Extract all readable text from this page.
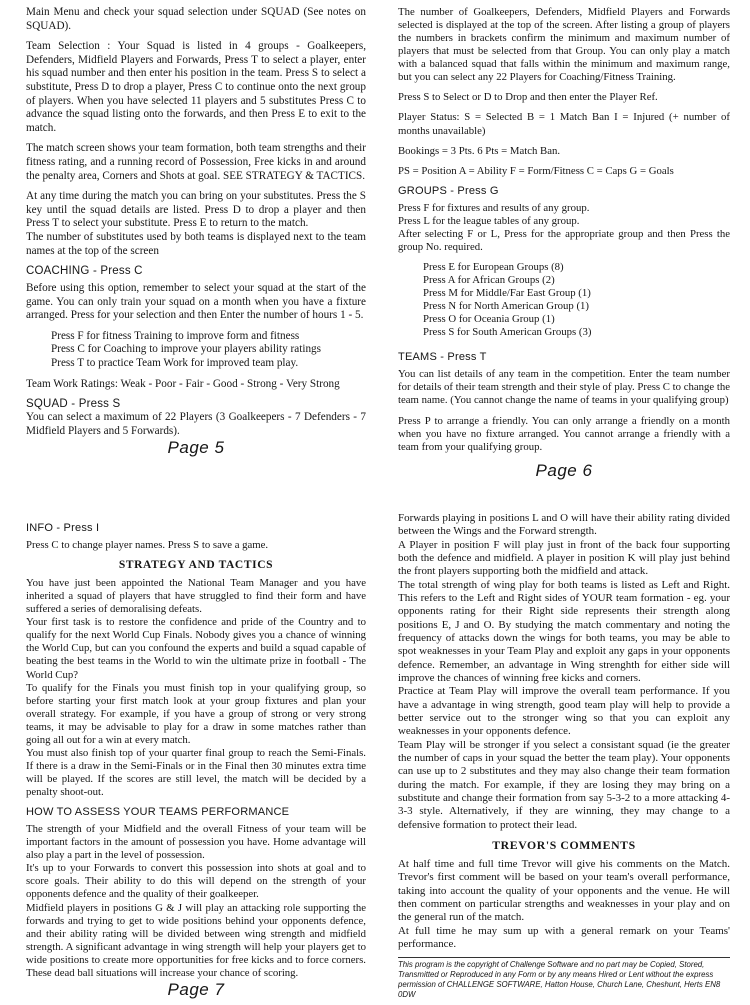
Main Menu and check your squad selection under SQUAD (See notes on SQUAD).

Team Selection : Your Squad is listed in 4 groups - Goalkeepers, Defenders, Midfield Players and Forwards, Press T to select a player, enter his squad number and then enter his position in the team. Press S to select a substitute, Press D to drop a player, Press C to continue onto the next group of players. When you have selected 11 players and 5 substitutes Press C to advance the squad listing onto the forwards, and then Press E to exit to the match.

The match screen shows your team formation, both team strengths and their fitness rating, and a running record of Possession, Free kicks in and around the penalty area, Corners and Shots at goal. SEE STRATEGY & TACTICS.

At any time during the match you can bring on your substitutes. Press the S key until the squad details are listed. Press D to drop a player and then Press T to select your substitute. Press E to return to the match.

The number of substitutes used by both teams is displayed next to the team names at the top of the screen

COACHING - Press C

Before using this option, remember to select your squad at the start of the game. You can only train your squad on a month when you have a fixture arranged. Press for your selection and then Enter the number of hours 1 - 5.

Press F for fitness Training to improve form and fitness
Press C for Coaching to improve your players ability ratings
Press T to practice Team Work for improved team play.

Team Work Ratings: Weak - Poor - Fair - Good - Strong - Very Strong

SQUAD - Press S

You can select a maximum of 22 Players (3 Goalkeepers - 7 Defenders - 7 Midfield Players and 5 Forwards).

Page 5

The number of Goalkeepers, Defenders, Midfield Players and Forwards selected is displayed at the top of the screen. After listing a group of players the numbers in brackets confirm the minimum and maximum number of players that must be selected from that Group. You can only play a match with a balanced squad that falls within the minimum and maximum range, but you can select any 22 Players for Coaching/Fitness Training.

Press S to Select or D to Drop and then enter the Player Ref.

Player Status: S = Selected B = 1 Match Ban I = Injured (+ number of months unavailable)

Bookings = 3 Pts. 6 Pts = Match Ban.

PS = Position A = Ability F = Form/Fitness C = Caps G = Goals

GROUPS - Press G

Press F for fixtures and results of any group.
Press L for the league tables of any group.
After selecting F or L, Press for the appropriate group and then Press the group No. required.

Press E for European Groups (8)
Press A for African Groups (2)
Press M for Middle/Far East Group (1)
Press N for North American Group (1)
Press O for Oceania Group (1)
Press S for South American Groups (3)
TEAMS - Press T

You can list details of any team in the competition. Enter the team number for details of their team strength and their style of play. Press C to change the team name. (You cannot change the name of teams in your qualifying group)

Press P to arrange a friendly. You can only arrange a friendly on a month when you have no fixture arranged. You cannot arrange a friendly with a team from your qualifying group.

Page 6
INFO - Press I

Press C to change player names. Press S to save a game.

STRATEGY AND TACTICS

You have just been appointed the National Team Manager and you have inherited a squad of players that have struggled to find their form and have suffered a series of demoralising defeats.

Your first task is to restore the confidence and pride of the Country and to qualify for the next World Cup Finals. Nobody gives you a chance of winning the World Cup, but can you confound the experts and build a squad capable of beating the best teams in the World to win the ultimate prize in football - The World Cup?

To qualify for the Finals you must finish top in your qualifying group, so before starting your first match look at your group fixtures and plan your overall strategy. For example, if you have a group of strong or very strong teams, it may be advisable to play for a draw in some matches rather than going all out for a win at every match.

You must also finish top of your quarter final group to reach the Semi-Finals. If there is a draw in the Semi-Finals or in the Final then 30 minutes extra time will be played. If the scores are still level, the match will be decided by a penalty shoot-out.

HOW TO ASSESS YOUR TEAMS PERFORMANCE

The strength of your Midfield and the overall Fitness of your team will be important factors in the amount of possession you have. Home advantage will also play a part in the level of possession.

It's up to your Forwards to convert this possession into shots at goal and to score goals. Their ability to do this will depend on the strength of your opponents defence and the quality of their goalkeeper.

Midfield players in positions G & J will play an attacking role supporting the forwards and trying to get to wide positions behind your opponents defence, and their ability rating will be divided between wing strength and midfield strength. A significant advantage in wing strength will help your players get to wide positions to create more opportunities for free kicks and to force corners. These dead ball situations will increase your chance of scoring.

Page 7

Forwards playing in positions L and O will have their ability rating divided between the Wings and the Forward strength.

A Player in position F will play just in front of the back four supporting both the defence and midfield. A player in position K will play just behind the front players supporting both the midfield and attack.

The total strength of wing play for both teams is listed as Left and Right. This refers to the Left and Right sides of YOUR team formation - eg. your opponents rating for their Right side represents their strength along positions E, J and O. By studying the match commentary and noting the frequency of attacks down the wings for both teams, you may be able to spot weaknesses in your Team Play and exploit any gaps in your opponents defence. Remember, an advantage in Wing strenghth for either side will improve the chances of winning free kicks and corners.

Practice at Team Play will improve the overall team performance. If you have a advantage in wing strength, good team play will help to provide a better service out to the stronger wing so that you can exploit any weaknesses in your opponents defence.

Team Play will be stronger if you select a consistant squad (ie the greater the number of caps in your squad the better the team play). Your opponents can use up to 2 substitutes and they may also change their team formation during the match. For example, if they are losing they may bring on a substitute and change their formation from say 5-3-2 to a more attacking 4-3-3 style. Alternatively, if they are winning, they may change to a defensive formation to protect their lead.

TREVOR'S COMMENTS

At half time and full time Trevor will give his comments on the Match. Trevor's first comment will be based on your team's overall performance, taking into account the quality of your opponents and the venue. He will then comment on particular strengths and weaknesses in your play and on the general run of the match.

At full time he may sum up with a general remark on your Teams' performance.

This program is the copyright of Challenge Software and no part may be Copied, Stored, Transmitted or Reproduced in any Form or by any means Hired or Lent without the express permission of CHALLENGE SOFTWARE, Hatton House, Church Lane, Cheshunt, Herts EN8 0DW
